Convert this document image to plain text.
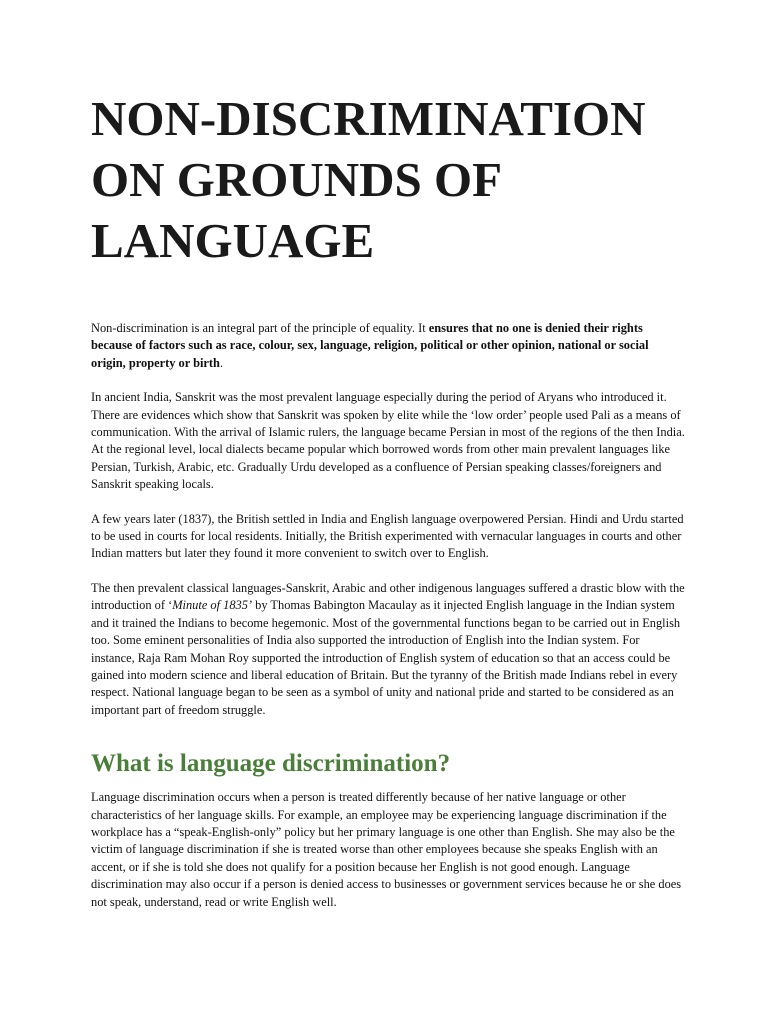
NON-DISCRIMINATION
ON GROUNDS OF
LANGUAGE

Non-discrimination is an integral part of the principle of equality. It ensures that no one is denied their rights because of factors such as race, colour, sex, language, religion, political or other opinion, national or social origin, property or birth.

In ancient India, Sanskrit was the most prevalent language especially during the period of Aryans who introduced it. There are evidences which show that Sanskrit was spoken by elite while the ‘low order’ people used Pali as a means of communication. With the arrival of Islamic rulers, the language became Persian in most of the regions of the then India. At the regional level, local dialects became popular which borrowed words from other main prevalent languages like Persian, Turkish, Arabic, etc. Gradually Urdu developed as a confluence of Persian speaking classes/foreigners and Sanskrit speaking locals.

A few years later (1837), the British settled in India and English language overpowered Persian. Hindi and Urdu started to be used in courts for local residents. Initially, the British experimented with vernacular languages in courts and other Indian matters but later they found it more convenient to switch over to English.

The then prevalent classical languages-Sanskrit, Arabic and other indigenous languages suffered a drastic blow with the introduction of ‘Minute of 1835’ by Thomas Babington Macaulay as it injected English language in the Indian system and it trained the Indians to become hegemonic. Most of the governmental functions began to be carried out in English too. Some eminent personalities of India also supported the introduction of English into the Indian system. For instance, Raja Ram Mohan Roy supported the introduction of English system of education so that an access could be gained into modern science and liberal education of Britain. But the tyranny of the British made Indians rebel in every respect. National language began to be seen as a symbol of unity and national pride and started to be considered as an important part of freedom struggle.

What is language discrimination?

Language discrimination occurs when a person is treated differently because of her native language or other characteristics of her language skills. For example, an employee may be experiencing language discrimination if the workplace has a “speak-English-only” policy but her primary language is one other than English. She may also be the victim of language discrimination if she is treated worse than other employees because she speaks English with an accent, or if she is told she does not qualify for a position because her English is not good enough. Language discrimination may also occur if a person is denied access to businesses or government services because he or she does not speak, understand, read or write English well.
